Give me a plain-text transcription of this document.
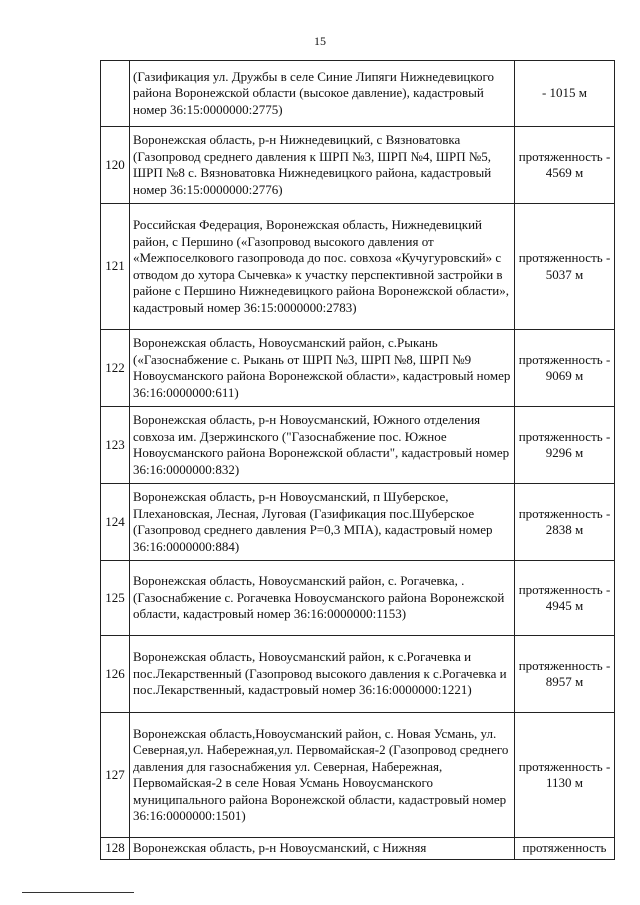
15
	(Газификация ул. Дружбы в селе Синие Липяги Нижнедевицкого района Воронежской области (высокое давление), кадастровый номер 36:15:0000000:2775)	- 1015 м
120	Воронежская область, р-н Нижнедевицкий, с Вязноватовка (Газопровод среднего давления к ШРП №3, ШРП №4, ШРП №5, ШРП №8 с. Вязноватовка Нижнедевицкого района, кадастровый номер 36:15:0000000:2776)	протяженность - 4569 м
121	Российская Федерация, Воронежская область, Нижнедевицкий район, с Першино («Газопровод высокого давления от «Межпоселкового газопровода до пос. совхоза «Кучугуровский» с отводом до хутора Сычевка» к участку перспективной застройки в районе с Першино Нижнедевицкого района Воронежской области», кадастровый номер 36:15:0000000:2783)	протяженность - 5037 м
122	Воронежская область, Новоусманский район, с.Рыкань («Газоснабжение с. Рыкань от ШРП №3, ШРП №8, ШРП №9 Новоусманского района Воронежской области», кадастровый номер 36:16:0000000:611)	протяженность - 9069 м
123	Воронежская область, р-н Новоусманский, Южного отделения совхоза им. Дзержинского ("Газоснабжение пос. Южное Новоусманского района Воронежской области", кадастровый номер 36:16:0000000:832)	протяженность - 9296 м
124	Воронежская область, р-н Новоусманский, п Шуберское, Плехановская, Лесная, Луговая (Газификация пос.Шуберское (Газопровод среднего давления Р=0,3 МПА), кадастровый номер 36:16:0000000:884)	протяженность - 2838 м
125	Воронежская область, Новоусманский район, с. Рогачевка, . (Газоснабжение с. Рогачевка Новоусманского района Воронежской области, кадастровый номер 36:16:0000000:1153)	протяженность - 4945 м
126	Воронежская область, Новоусманский район, к с.Рогачевка и пос.Лекарственный (Газопровод высокого давления к с.Рогачевка и пос.Лекарственный, кадастровый номер 36:16:0000000:1221)	протяженность - 8957 м
127	Воронежская область,Новоусманский район, с. Новая Усмань, ул. Северная,ул. Набережная,ул. Первомайская-2 (Газопровод среднего давления для газоснабжения ул. Северная, Набережная, Первомайская-2 в селе Новая Усмань Новоусманского муниципального района Воронежской области, кадастровый номер 36:16:0000000:1501)	протяженность - 1130 м
128	Воронежская область, р-н Новоусманский, с Нижняя	протяженность
